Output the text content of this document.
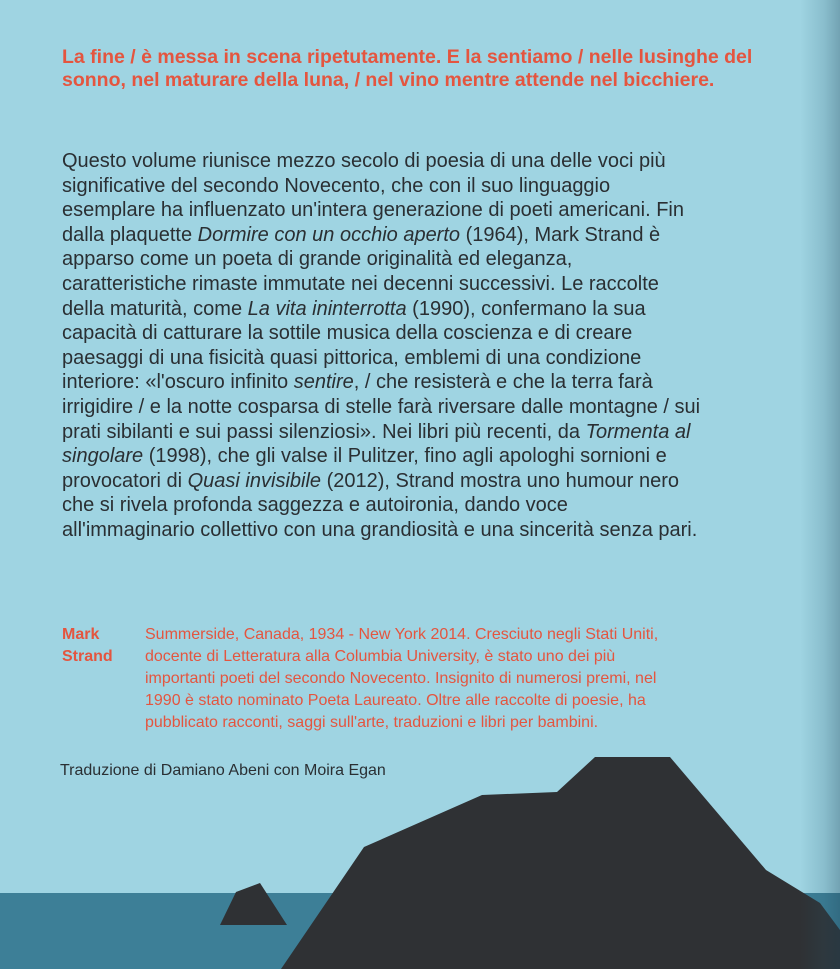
La fine / è messa in scena ripetutamente. E la sentiamo / nelle lusinghe del sonno, nel maturare della luna, / nel vino mentre attende nel bicchiere.
Questo volume riunisce mezzo secolo di poesia di una delle voci più significative del secondo Novecento, che con il suo linguaggio esemplare ha influenzato un'intera generazione di poeti americani. Fin dalla plaquette Dormire con un occhio aperto (1964), Mark Strand è apparso come un poeta di grande originalità ed eleganza, caratteristiche rimaste immutate nei decenni successivi. Le raccolte della maturità, come La vita ininterrotta (1990), confermano la sua capacità di catturare la sottile musica della coscienza e di creare paesaggi di una fisicità quasi pittorica, emblemi di una condizione interiore: «l'oscuro infinito sentire, / che resisterà e che la terra farà irrigidire / e la notte cosparsa di stelle farà riversare dalle montagne / sui prati sibilanti e sui passi silenziosi». Nei libri più recenti, da Tormenta al singolare (1998), che gli valse il Pulitzer, fino agli apologhi sornioni e provocatori di Quasi invisibile (2012), Strand mostra uno humour nero che si rivela profonda saggezza e autoironia, dando voce all'immaginario collettivo con una grandiosità e una sincerità senza pari.
Mark Strand
Summerside, Canada, 1934 - New York 2014. Cresciuto negli Stati Uniti, docente di Letteratura alla Columbia University, è stato uno dei più importanti poeti del secondo Novecento. Insignito di numerosi premi, nel 1990 è stato nominato Poeta Laureato. Oltre alle raccolte di poesie, ha pubblicato racconti, saggi sull'arte, traduzioni e libri per bambini.
Traduzione di Damiano Abeni con Moira Egan
